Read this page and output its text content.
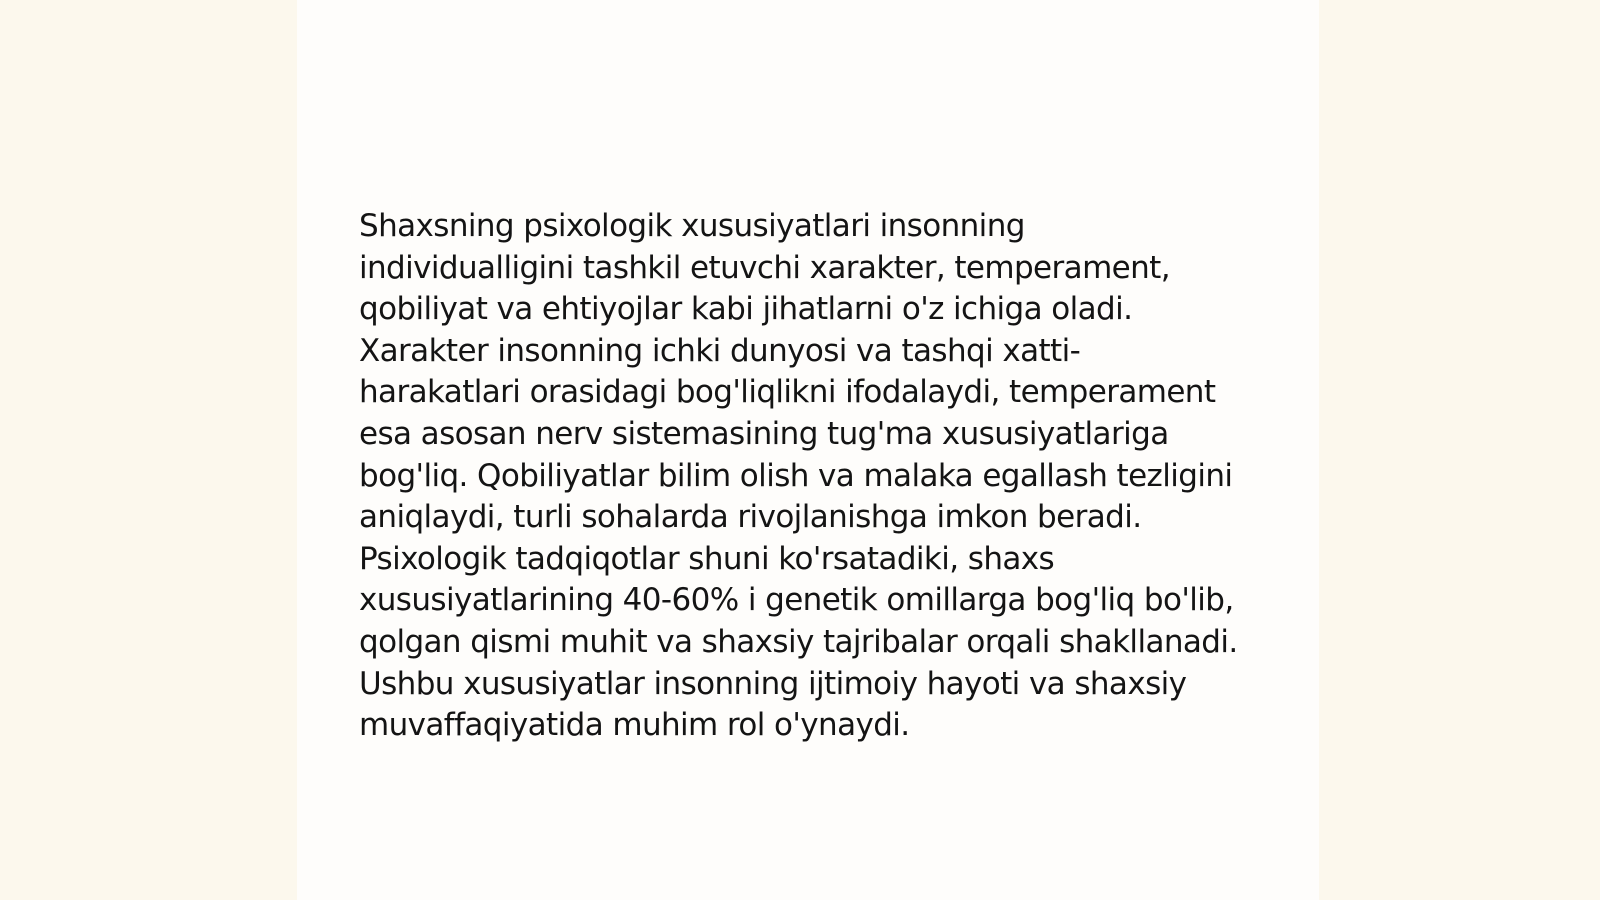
Shaxsning psixologik xususiyatlari insonning individualligini tashkil etuvchi xarakter, temperament, qobiliyat va ehtiyojlar kabi jihatlarni o'z ichiga oladi. Xarakter insonning ichki dunyosi va tashqi xatti-harakatlari orasidagi bog'liqlikni ifodalaydi, temperament esa asosan nerv sistemasining tug'ma xususiyatlariga bog'liq. Qobiliyatlar bilim olish va malaka egallash tezligini aniqlaydi, turli sohalarda rivojlanishga imkon beradi. Psixologik tadqiqotlar shuni ko'rsatadiki, shaxs xususiyatlarining 40-60% i genetik omillarga bog'liq bo'lib, qolgan qismi muhit va shaxsiy tajribalar orqali shakllanadi. Ushbu xususiyatlar insonning ijtimoiy hayoti va shaxsiy muvaffaqiyatida muhim rol o'ynaydi.
